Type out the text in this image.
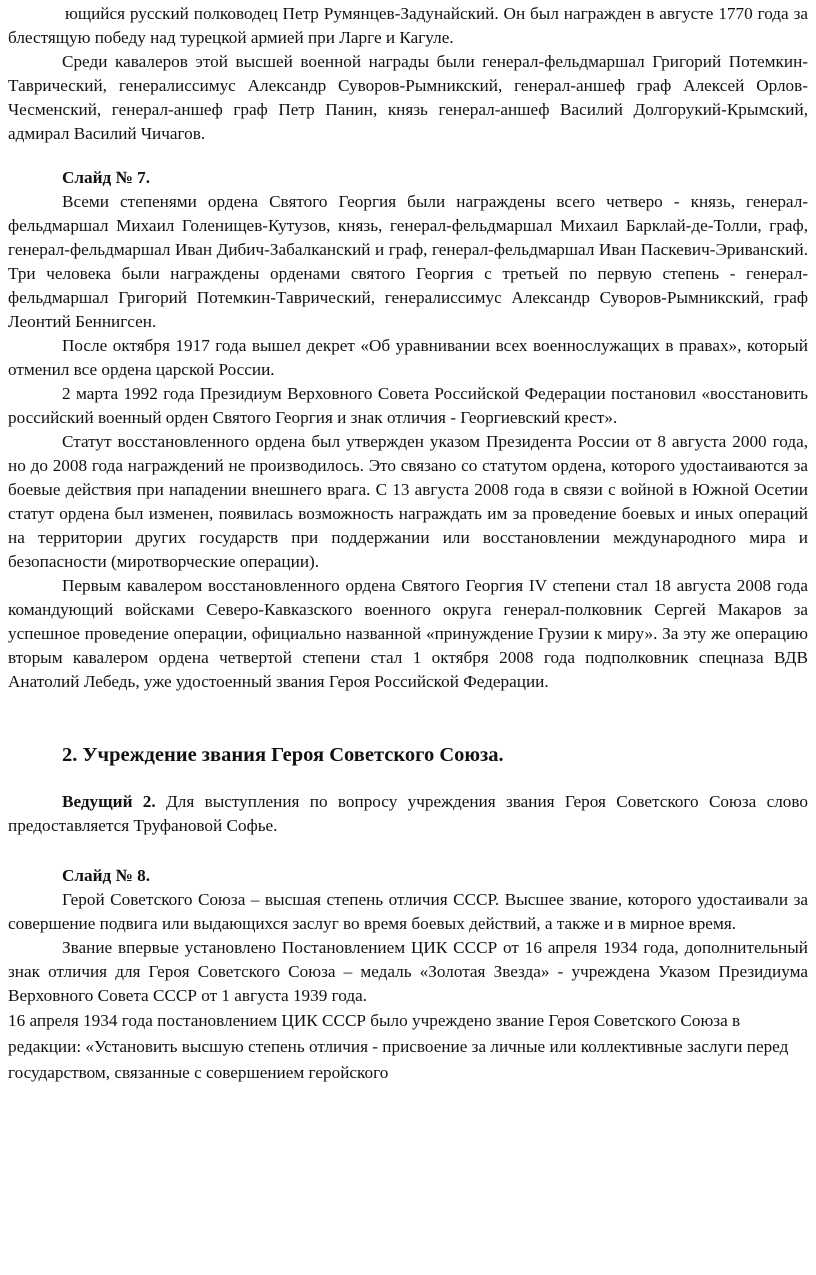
ющийся русский полководец Петр Румянцев-Задунайский. Он был награжден в августе 1770 года за блестящую победу над турецкой армией при Ларге и Кагуле.

Среди кавалеров этой высшей военной награды были генерал-фельдмаршал Григорий Потемкин-Таврический, генералиссимус Александр Суворов-Рымникский, генерал-аншеф граф Алексей Орлов-Чесменский, генерал-аншеф граф Петр Панин, князь генерал-аншеф Василий Долгорукий-Крымский, адмирал Василий Чичагов.

Слайд № 7.

Всеми степенями ордена Святого Георгия были награждены всего четверо - князь, генерал-фельдмаршал Михаил Голенищев-Кутузов, князь, генерал-фельдмаршал Михаил Барклай-де-Толли, граф, генерал-фельдмаршал Иван Дибич-Забалканский и граф, генерал-фельдмаршал Иван Паскевич-Эриванский. Три человека были награждены орденами святого Георгия с третьей по первую степень - генерал-фельдмаршал Григорий Потемкин-Таврический, генералиссимус Александр Суворов-Рымникский, граф Леонтий Беннигсен.

После октября 1917 года вышел декрет «Об уравнивании всех военнослужащих в правах», который отменил все ордена царской России.

2 марта 1992 года Президиум Верховного Совета Российской Федерации постановил «восстановить российский военный орден Святого Георгия и знак отличия - Георгиевский крест».

Статут восстановленного ордена был утвержден указом Президента России от 8 августа 2000 года, но до 2008 года награждений не производилось. Это связано со статутом ордена, которого удостаиваются за боевые действия при нападении внешнего врага. С 13 августа 2008 года в связи с войной в Южной Осетии статут ордена был изменен, появилась возможность награждать им за проведение боевых и иных операций на территории других государств при поддержании или восстановлении международного мира и безопасности (миротворческие операции).

Первым кавалером восстановленного ордена Святого Георгия IV степени стал 18 августа 2008 года командующий войсками Северо-Кавказского военного округа генерал-полковник Сергей Макаров за успешное проведение операции, официально названной «принуждение Грузии к миру». За эту же операцию вторым кавалером ордена четвертой степени стал 1 октября 2008 года подполковник спецназа ВДВ Анатолий Лебедь, уже удостоенный звания Героя Российской Федерации.

2. Учреждение звания Героя Советского Союза.

Ведущий 2. Для выступления по вопросу учреждения звания Героя Советского Союза слово предоставляется Труфановой Софье.

Слайд № 8.

Герой Советского Союза – высшая степень отличия СССР. Высшее звание, которого удостаивали за совершение подвига или выдающихся заслуг во время боевых действий, а также и в мирное время.

Звание впервые установлено Постановлением ЦИК СССР от 16 апреля 1934 года, дополнительный знак отличия для Героя Советского Союза – медаль «Золотая Звезда» - учреждена Указом Президиума Верховного Совета СССР от 1 августа 1939 года.

16 апреля 1934 года постановлением ЦИК СССР было учреждено звание Героя Советского Союза в редакции: «Установить высшую степень отличия - присвоение за личные или коллективные заслуги перед государством, связанные с совершением геройского
